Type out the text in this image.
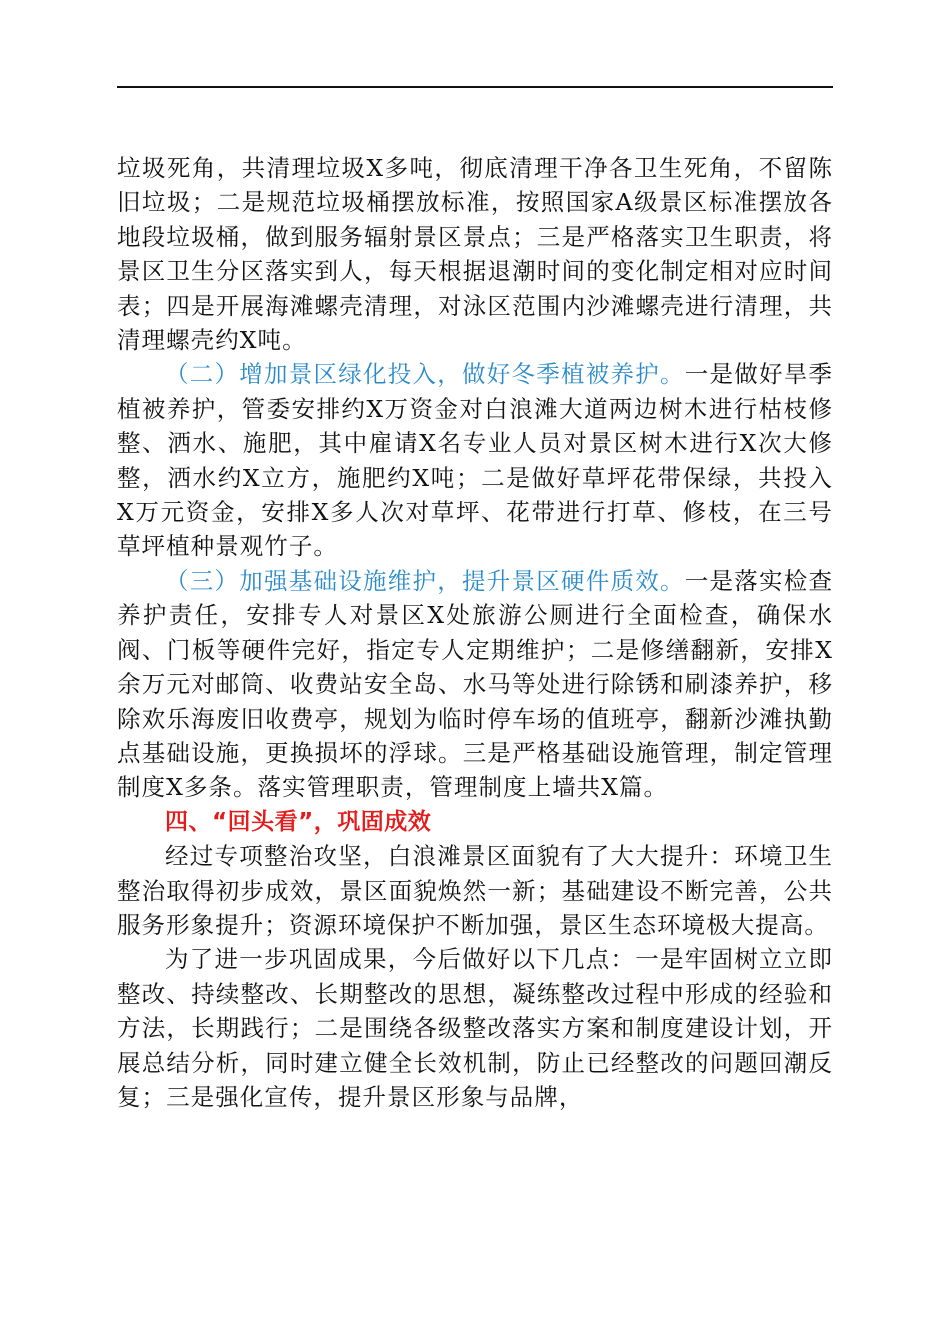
垃圾死角，共清理垃圾X多吨，彻底清理干净各卫生死角，不留陈旧垃圾；二是规范垃圾桶摆放标准，按照国家A级景区标准摆放各地段垃圾桶，做到服务辐射景区景点；三是严格落实卫生职责，将景区卫生分区落实到人，每天根据退潮时间的变化制定相对应时间表；四是开展海滩螺壳清理，对泳区范围内沙滩螺壳进行清理，共清理螺壳约X吨。

（二）增加景区绿化投入，做好冬季植被养护。一是做好旱季植被养护，管委安排约X万资金对白浪滩大道两边树木进行枯枝修整、洒水、施肥，其中雇请X名专业人员对景区树木进行X次大修整，洒水约X立方，施肥约X吨；二是做好草坪花带保绿，共投入X万元资金，安排X多人次对草坪、花带进行打草、修枝，在三号草坪植种景观竹子。

（三）加强基础设施维护，提升景区硬件质效。一是落实检查养护责任，安排专人对景区X处旅游公厕进行全面检查，确保水阀、门板等硬件完好，指定专人定期维护；二是修缮翻新，安排X余万元对邮筒、收费站安全岛、水马等处进行除锈和刷漆养护，移除欢乐海废旧收费亭，规划为临时停车场的值班亭，翻新沙滩执勤点基础设施，更换损坏的浮球。三是严格基础设施管理，制定管理制度X多条。落实管理职责，管理制度上墙共X篇。

四、“回头看”，巩固成效

经过专项整治攻坚，白浪滩景区面貌有了大大提升：环境卫生整治取得初步成效，景区面貌焕然一新；基础建设不断完善，公共服务形象提升；资源环境保护不断加强，景区生态环境极大提高。

为了进一步巩固成果，今后做好以下几点：一是牢固树立立即整改、持续整改、长期整改的思想，凝练整改过程中形成的经验和方法，长期践行；二是围绕各级整改落实方案和制度建设计划，开展总结分析，同时建立健全长效机制，防止已经整改的问题回潮反复；三是强化宣传，提升景区形象与品牌，
